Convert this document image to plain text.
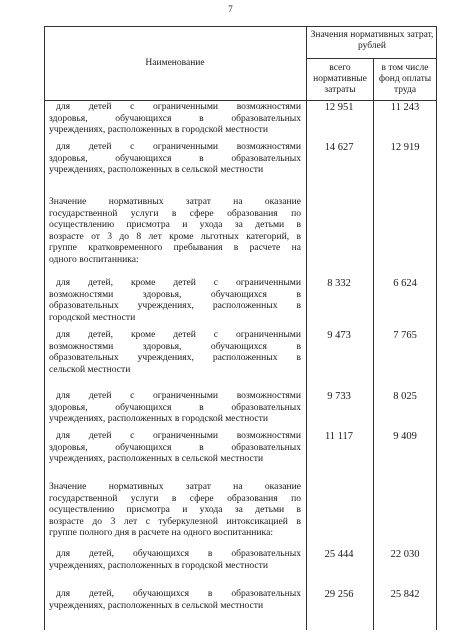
7
Наименование
Значения нормативных затрат, рублей
всего нормативные затраты
в том числе фонд оплаты труда
для детей с ограниченными возможностями
здоровья, обучающихся в образовательных
учреждениях, расположенных в городской местности
12 951	11 243
для детей с ограниченными возможностями
здоровья, обучающихся в образовательных
учреждениях, расположенных в сельской местности
14 627	12 919
Значение нормативных затрат на оказание
государственной услуги в сфере образования по
осуществлению присмотра и ухода за детьми в
возрасте от 3 до 8 лет кроме льготных категорий, в
группе кратковременного пребывания в расчете на
одного воспитанника:
для детей, кроме детей с ограниченными
возможностями здоровья, обучающихся в
образовательных учреждениях, расположенных в
городской местности
8 332	6 624
для детей, кроме детей с ограниченными
возможностями здоровья, обучающихся в
образовательных учреждениях, расположенных в
сельской местности
9 473	7 765
для детей с ограниченными возможностями
здоровья, обучающихся в образовательных
учреждениях, расположенных в городской местности
9 733	8 025
для детей с ограниченными возможностями
здоровья, обучающихся в образовательных
учреждениях, расположенных в сельской местности
11 117	9 409
Значение нормативных затрат на оказание
государственной услуги в сфере образования по
осуществлению присмотра и ухода за детьми в
возрасте до 3 лет с туберкулезной интоксикацией в
группе полного дня в расчете на одного воспитанника:
для детей, обучающихся в образовательных
учреждениях, расположенных в городской местности
25 444	22 030
для детей, обучающихся в образовательных
учреждениях, расположенных в сельской местности
29 256	25 842
